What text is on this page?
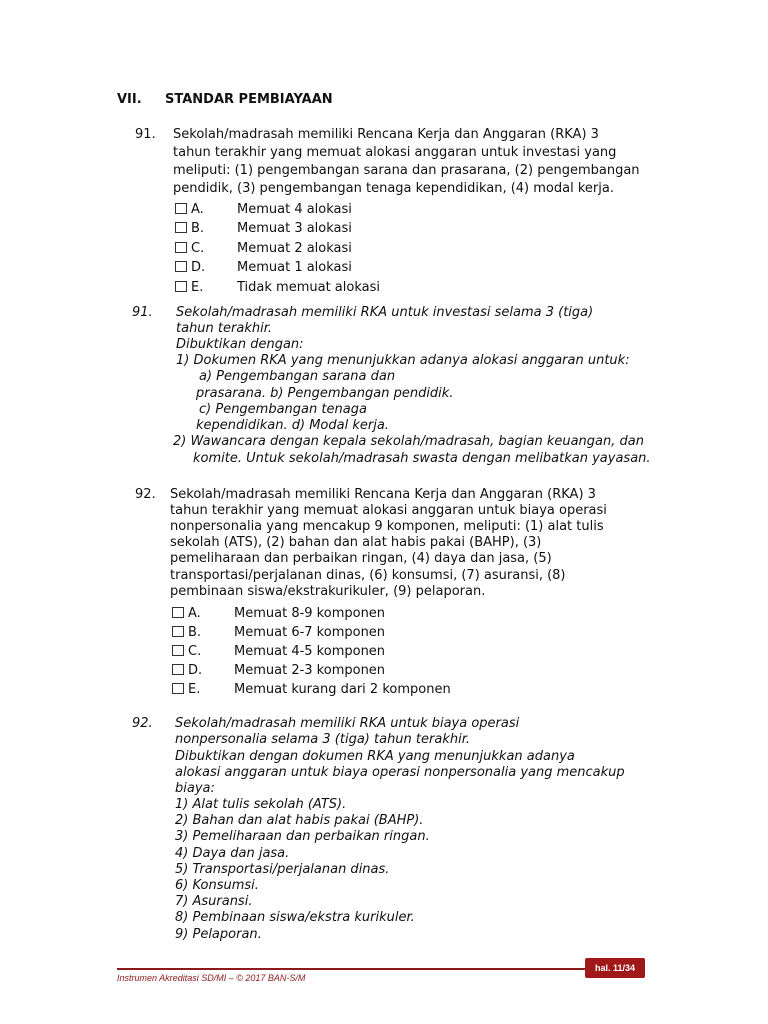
VII. STANDAR PEMBIAYAAN
91. Sekolah/madrasah memiliki Rencana Kerja dan Anggaran (RKA) 3
tahun terakhir yang memuat alokasi anggaran untuk investasi yang
meliputi: (1) pengembangan sarana dan prasarana, (2) pengembangan
pendidik, (3) pengembangan tenaga kependidikan, (4) modal kerja.
A.	Memuat 4 alokasi
B.	Memuat 3 alokasi
C.	Memuat 2 alokasi
D. Memuat 1 alokasi
E.	Tidak memuat alokasi
91. Sekolah/madrasah memiliki RKA untuk investasi selama 3 (tiga)
tahun terakhir.
Dibuktikan dengan:
1) Dokumen RKA yang menunjukkan adanya alokasi anggaran untuk:
a) Pengembangan sarana dan
prasarana. b) Pengembangan pendidik.
c) Pengembangan tenaga
kependidikan. d) Modal kerja.
2) Wawancara dengan kepala sekolah/madrasah, bagian keuangan, dan
komite. Untuk sekolah/madrasah swasta dengan melibatkan yayasan.
92. Sekolah/madrasah memiliki Rencana Kerja dan Anggaran (RKA) 3
tahun terakhir yang memuat alokasi anggaran untuk biaya operasi
nonpersonalia yang mencakup 9 komponen, meliputi: (1) alat tulis
sekolah (ATS), (2) bahan dan alat habis pakai (BAHP), (3)
pemeliharaan dan perbaikan ringan, (4) daya dan jasa, (5)
transportasi/perjalanan dinas, (6) konsumsi, (7) asuransi, (8)
pembinaan siswa/ekstrakurikuler, (9) pelaporan.
A.	Memuat 8-9 komponen
B.	Memuat 6-7 komponen
C.	Memuat 4-5 komponen
D. Memuat 2-3 komponen
E.	Memuat kurang dari 2 komponen
92. Sekolah/madrasah memiliki RKA untuk biaya operasi
nonpersonalia selama 3 (tiga) tahun terakhir.
Dibuktikan dengan dokumen RKA yang menunjukkan adanya
alokasi anggaran untuk biaya operasi nonpersonalia yang mencakup
biaya:
1) Alat tulis sekolah (ATS).
2) Bahan dan alat habis pakai (BAHP).
3) Pemeliharaan dan perbaikan ringan.
4) Daya dan jasa.
5) Transportasi/perjalanan dinas.
6) Konsumsi.
7) Asuransi.
8) Pembinaan siswa/ekstra kurikuler.
9) Pelaporan.
hal. 11/34
Instrumen Akreditasi SD/MI – © 2017 BAN-S/M
